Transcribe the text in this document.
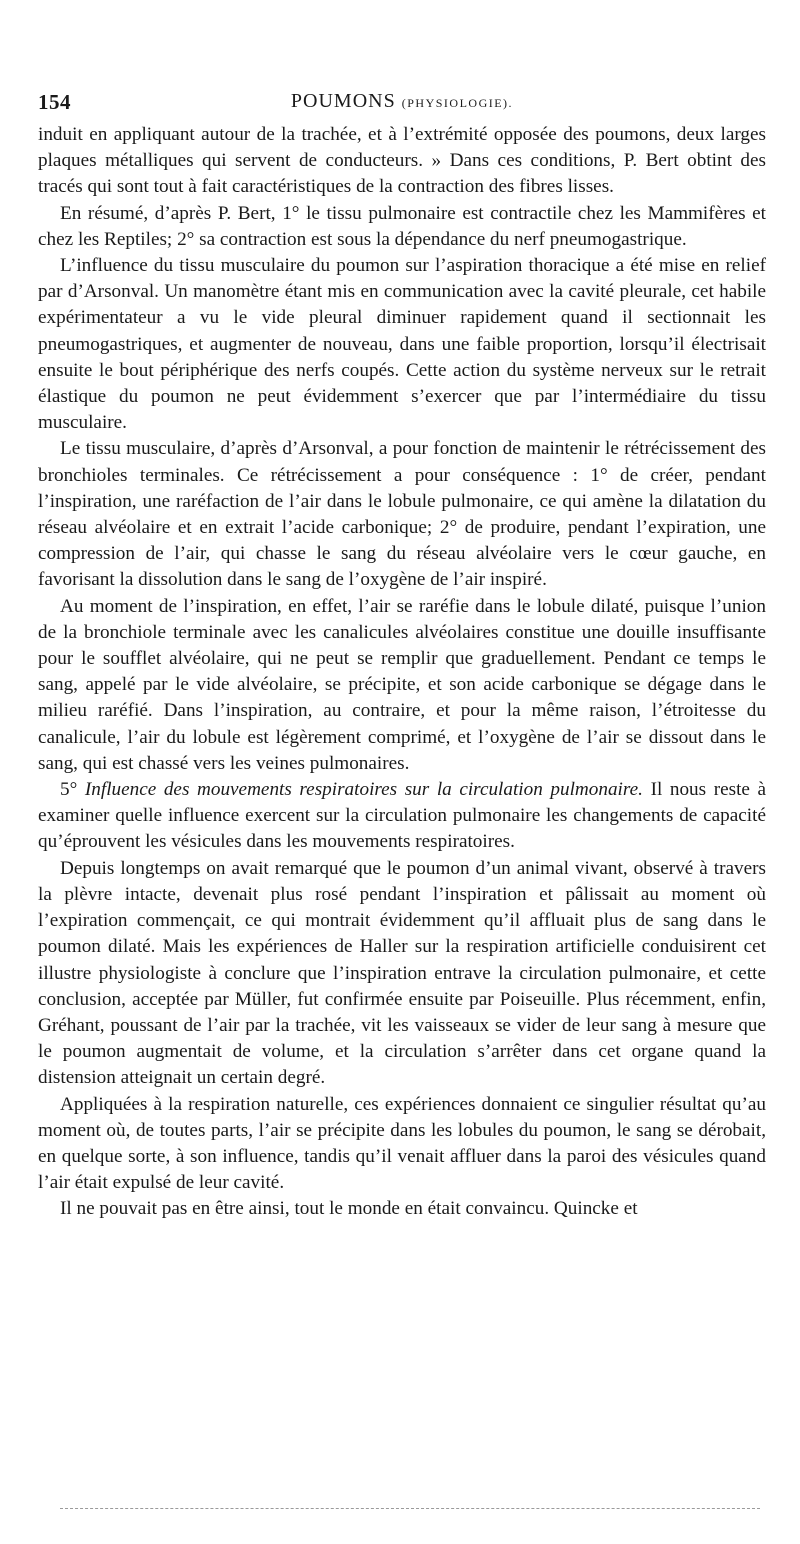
154	POUMONS (PHYSIOLOGIE).

induit en appliquant autour de la trachée, et à l’extrémité opposée des poumons, deux larges plaques métalliques qui servent de conducteurs. » Dans ces conditions, P. Bert obtint des tracés qui sont tout à fait caractéristiques de la contraction des fibres lisses.

En résumé, d’après P. Bert, 1° le tissu pulmonaire est contractile chez les Mammifères et chez les Reptiles; 2° sa contraction est sous la dépendance du nerf pneumogastrique.

L’influence du tissu musculaire du poumon sur l’aspiration thoracique a été mise en relief par d’Arsonval. Un manomètre étant mis en communication avec la cavité pleurale, cet habile expérimentateur a vu le vide pleural diminuer rapidement quand il sectionnait les pneumogastriques, et augmenter de nouveau, dans une faible proportion, lorsqu’il électrisait ensuite le bout périphérique des nerfs coupés. Cette action du système nerveux sur le retrait élastique du poumon ne peut évidemment s’exercer que par l’intermédiaire du tissu musculaire.

Le tissu musculaire, d’après d’Arsonval, a pour fonction de maintenir le rétrécissement des bronchioles terminales. Ce rétrécissement a pour conséquence : 1° de créer, pendant l’inspiration, une raréfaction de l’air dans le lobule pulmonaire, ce qui amène la dilatation du réseau alvéolaire et en extrait l’acide carbonique; 2° de produire, pendant l’expiration, une compression de l’air, qui chasse le sang du réseau alvéolaire vers le cœur gauche, en favorisant la dissolution dans le sang de l’oxygène de l’air inspiré.

Au moment de l’inspiration, en effet, l’air se raréfie dans le lobule dilaté, puisque l’union de la bronchiole terminale avec les canalicules alvéolaires constitue une douille insuffisante pour le soufflet alvéolaire, qui ne peut se remplir que graduellement. Pendant ce temps le sang, appelé par le vide alvéolaire, se précipite, et son acide carbonique se dégage dans le milieu raréfié. Dans l’inspiration, au contraire, et pour la même raison, l’étroitesse du canalicule, l’air du lobule est légèrement comprimé, et l’oxygène de l’air se dissout dans le sang, qui est chassé vers les veines pulmonaires.

5° Influence des mouvements respiratoires sur la circulation pulmonaire. Il nous reste à examiner quelle influence exercent sur la circulation pulmonaire les changements de capacité qu’éprouvent les vésicules dans les mouvements respiratoires.

Depuis longtemps on avait remarqué que le poumon d’un animal vivant, observé à travers la plèvre intacte, devenait plus rosé pendant l’inspiration et pâlissait au moment où l’expiration commençait, ce qui montrait évidemment qu’il affluait plus de sang dans le poumon dilaté. Mais les expériences de Haller sur la respiration artificielle conduisirent cet illustre physiologiste à conclure que l’inspiration entrave la circulation pulmonaire, et cette conclusion, acceptée par Müller, fut confirmée ensuite par Poiseuille. Plus récemment, enfin, Gréhant, poussant de l’air par la trachée, vit les vaisseaux se vider de leur sang à mesure que le poumon augmentait de volume, et la circulation s’arrêter dans cet organe quand la distension atteignait un certain degré.

Appliquées à la respiration naturelle, ces expériences donnaient ce singulier résultat qu’au moment où, de toutes parts, l’air se précipite dans les lobules du poumon, le sang se dérobait, en quelque sorte, à son influence, tandis qu’il venait affluer dans la paroi des vésicules quand l’air était expulsé de leur cavité.

Il ne pouvait pas en être ainsi, tout le monde en était convaincu. Quincke et
